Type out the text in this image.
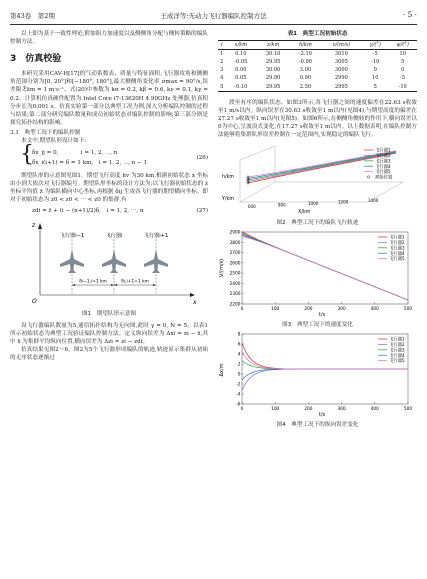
第43卷　第2期	王成洋等:无动力飞行器编队控制方法	· 5 ·

以上即为基于一致性理论,附加阻力加速度以及侧侧角分配与侧转策略的编队控制方法。

3　仿真校验

本研究采用CAV-H[17]的气动系数表、质量与特征面积,飞行器攻角和侧侧角范围分别为[0, 20°]和[−180°, 180°],最大侧侧角变化率 σ̇max = 90°/s,误差限 ξlim = 1 m·s⁻¹。式(20)中参数为 kα = 0.2, kβ = 0.6, kν = 0.1, kγ = 0.2。计算机仿真硬件配置为 Intel Core i7-13620H 4.90GHz 处理器,仿真积分步长为0.001 s。仿真实验第一部分以典型工况为例,深入分析编队控制的过程与结果;第二部分研究编队数量和成员初始状态对编队控制的影响;第三部分则是探究拓扑结构的影响。

3.1　典型工况下的编队控制

本文中,期望队形设计如下:

{
δx_ij = 0,　　　　i = 1, 2, ⋯, n
δx_i(i+1) = δ = 1 km,　i = 1, 2, ⋯, n − 1
(26)

期望队形的示意图见图1。期望飞行高度 hv 为30 km,根据初始状态 x 坐标由小到大依次对飞行器编号。期望队形坐标的设计方法为:以飞行器初始状态的 z 坐标平均值 z̄ 为编队横向中心坐标,再根据 δij 生成各飞行器的期望横向坐标。即对于初始状态为 z0 < z0 < ⋯ < z0 的集群,有

zdi = z̄ + (i − (n+1)/2)δ,　i = 1, 2, ⋯, n	(27)
x
z
O
飞行器i−1	飞行器i	飞行器i+1
δi−1,i=1 km	δi,i+1=1 km
图1　期望队形示意图

设飞行器编队数量为5,通信拓扑结构为无向图,此时 γ = 0, N = 5。以表1所示初始状态为典型工况验证编队控制方法。定义纵向误差为 Δxi = xi − x̄,其中 x̄ 为集群平均纵向位置,横向误差为 Δzi = zi − zdi。

仿真结果见图2～6。图2为5个飞行器形成编队的轨迹,轨迹显示集群从初始的无序状态逐渐过

表1　典型工况初始状态
i	x/km	z/km	h/km	v/(m/s)	γ/(°)	ψ/(°)
1	0.10	30.10	-2.10	3010	-5	10
2	-0.05	29.95	-0.90	3005	-10	5
3	0.00	30.00	3.00	3000	0	0
4	0.05	29.90	0.90	2990	10	-5
5	-0.10	29.95	2.50	2995	5	-10

渡至有序的编队状态。如图3所示,各飞行器之间的速度偏差在22.63 s收敛至1 m/s以内。纵向误差在30.63 s收敛至1 m以内(见图4),与期望高度的偏差在27.27 s收敛至1 m以内(见图5)。如图6所示,在侧侧角侧转的作用下,横向误差以0为中心,呈波浪式变化,在17.27 s收敛至1 m以内。以上数据表明,在编队控制方法能够将集群队形误差控制在一定范围内,实现稳定的编队飞行。

X/km
Y/km
h/km
600	800	1000	1200	1400
飞行器1
飞行器2
飞行器3
飞行器4
飞行器5
初始位置
图2　典型工况下的编队飞行轨迹
0	100	200	300	400	500
2900
2800
2700
2600
2500
2400
2300
2200
t/s
V/(m/s)
飞行器1
飞行器2
飞行器3
飞行器4
飞行器5
图3　典型工况下的速度变化
0	100	200	300	400	500
8
6
4
2
0
-2
-4
-6
t/s
Δx/m
飞行器1
飞行器2
飞行器3
飞行器4
飞行器5
图4　典型工况下的纵向误差变化
